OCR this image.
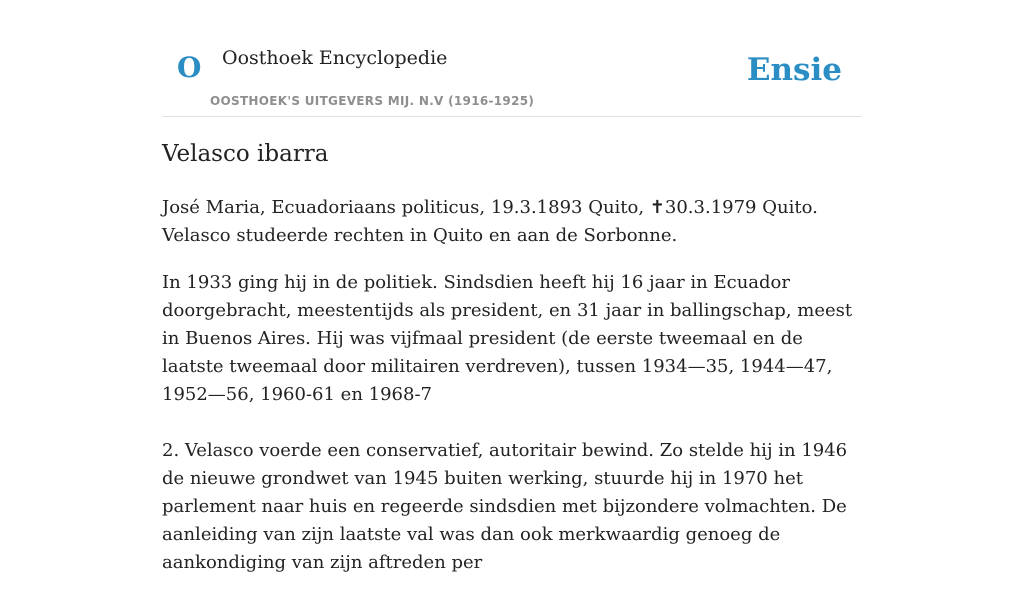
O Oosthoek Encyclopedie
OOSTHOEK'S UITGEVERS MIJ. N.V (1916-1925)
Ensie
Velasco ibarra

José Maria, Ecuadoriaans politicus, 19.3.1893 Quito, ✝30.3.1979 Quito. Velasco studeerde rechten in Quito en aan de Sorbonne.

In 1933 ging hij in de politiek. Sindsdien heeft hij 16 jaar in Ecuador doorgebracht, meestentijds als president, en 31 jaar in ballingschap, meest in Buenos Aires. Hij was vijfmaal president (de eerste tweemaal en de laatste tweemaal door militairen verdreven), tussen 1934—35, 1944—47, 1952—56, 1960-61 en 1968-7

2. Velasco voerde een conservatief, autoritair bewind. Zo stelde hij in 1946 de nieuwe grondwet van 1945 buiten werking, stuurde hij in 1970 het parlement naar huis en regeerde sindsdien met bijzondere volmachten. De aanleiding van zijn laatste val was dan ook merkwaardig genoeg de aankondiging van zijn aftreden per
